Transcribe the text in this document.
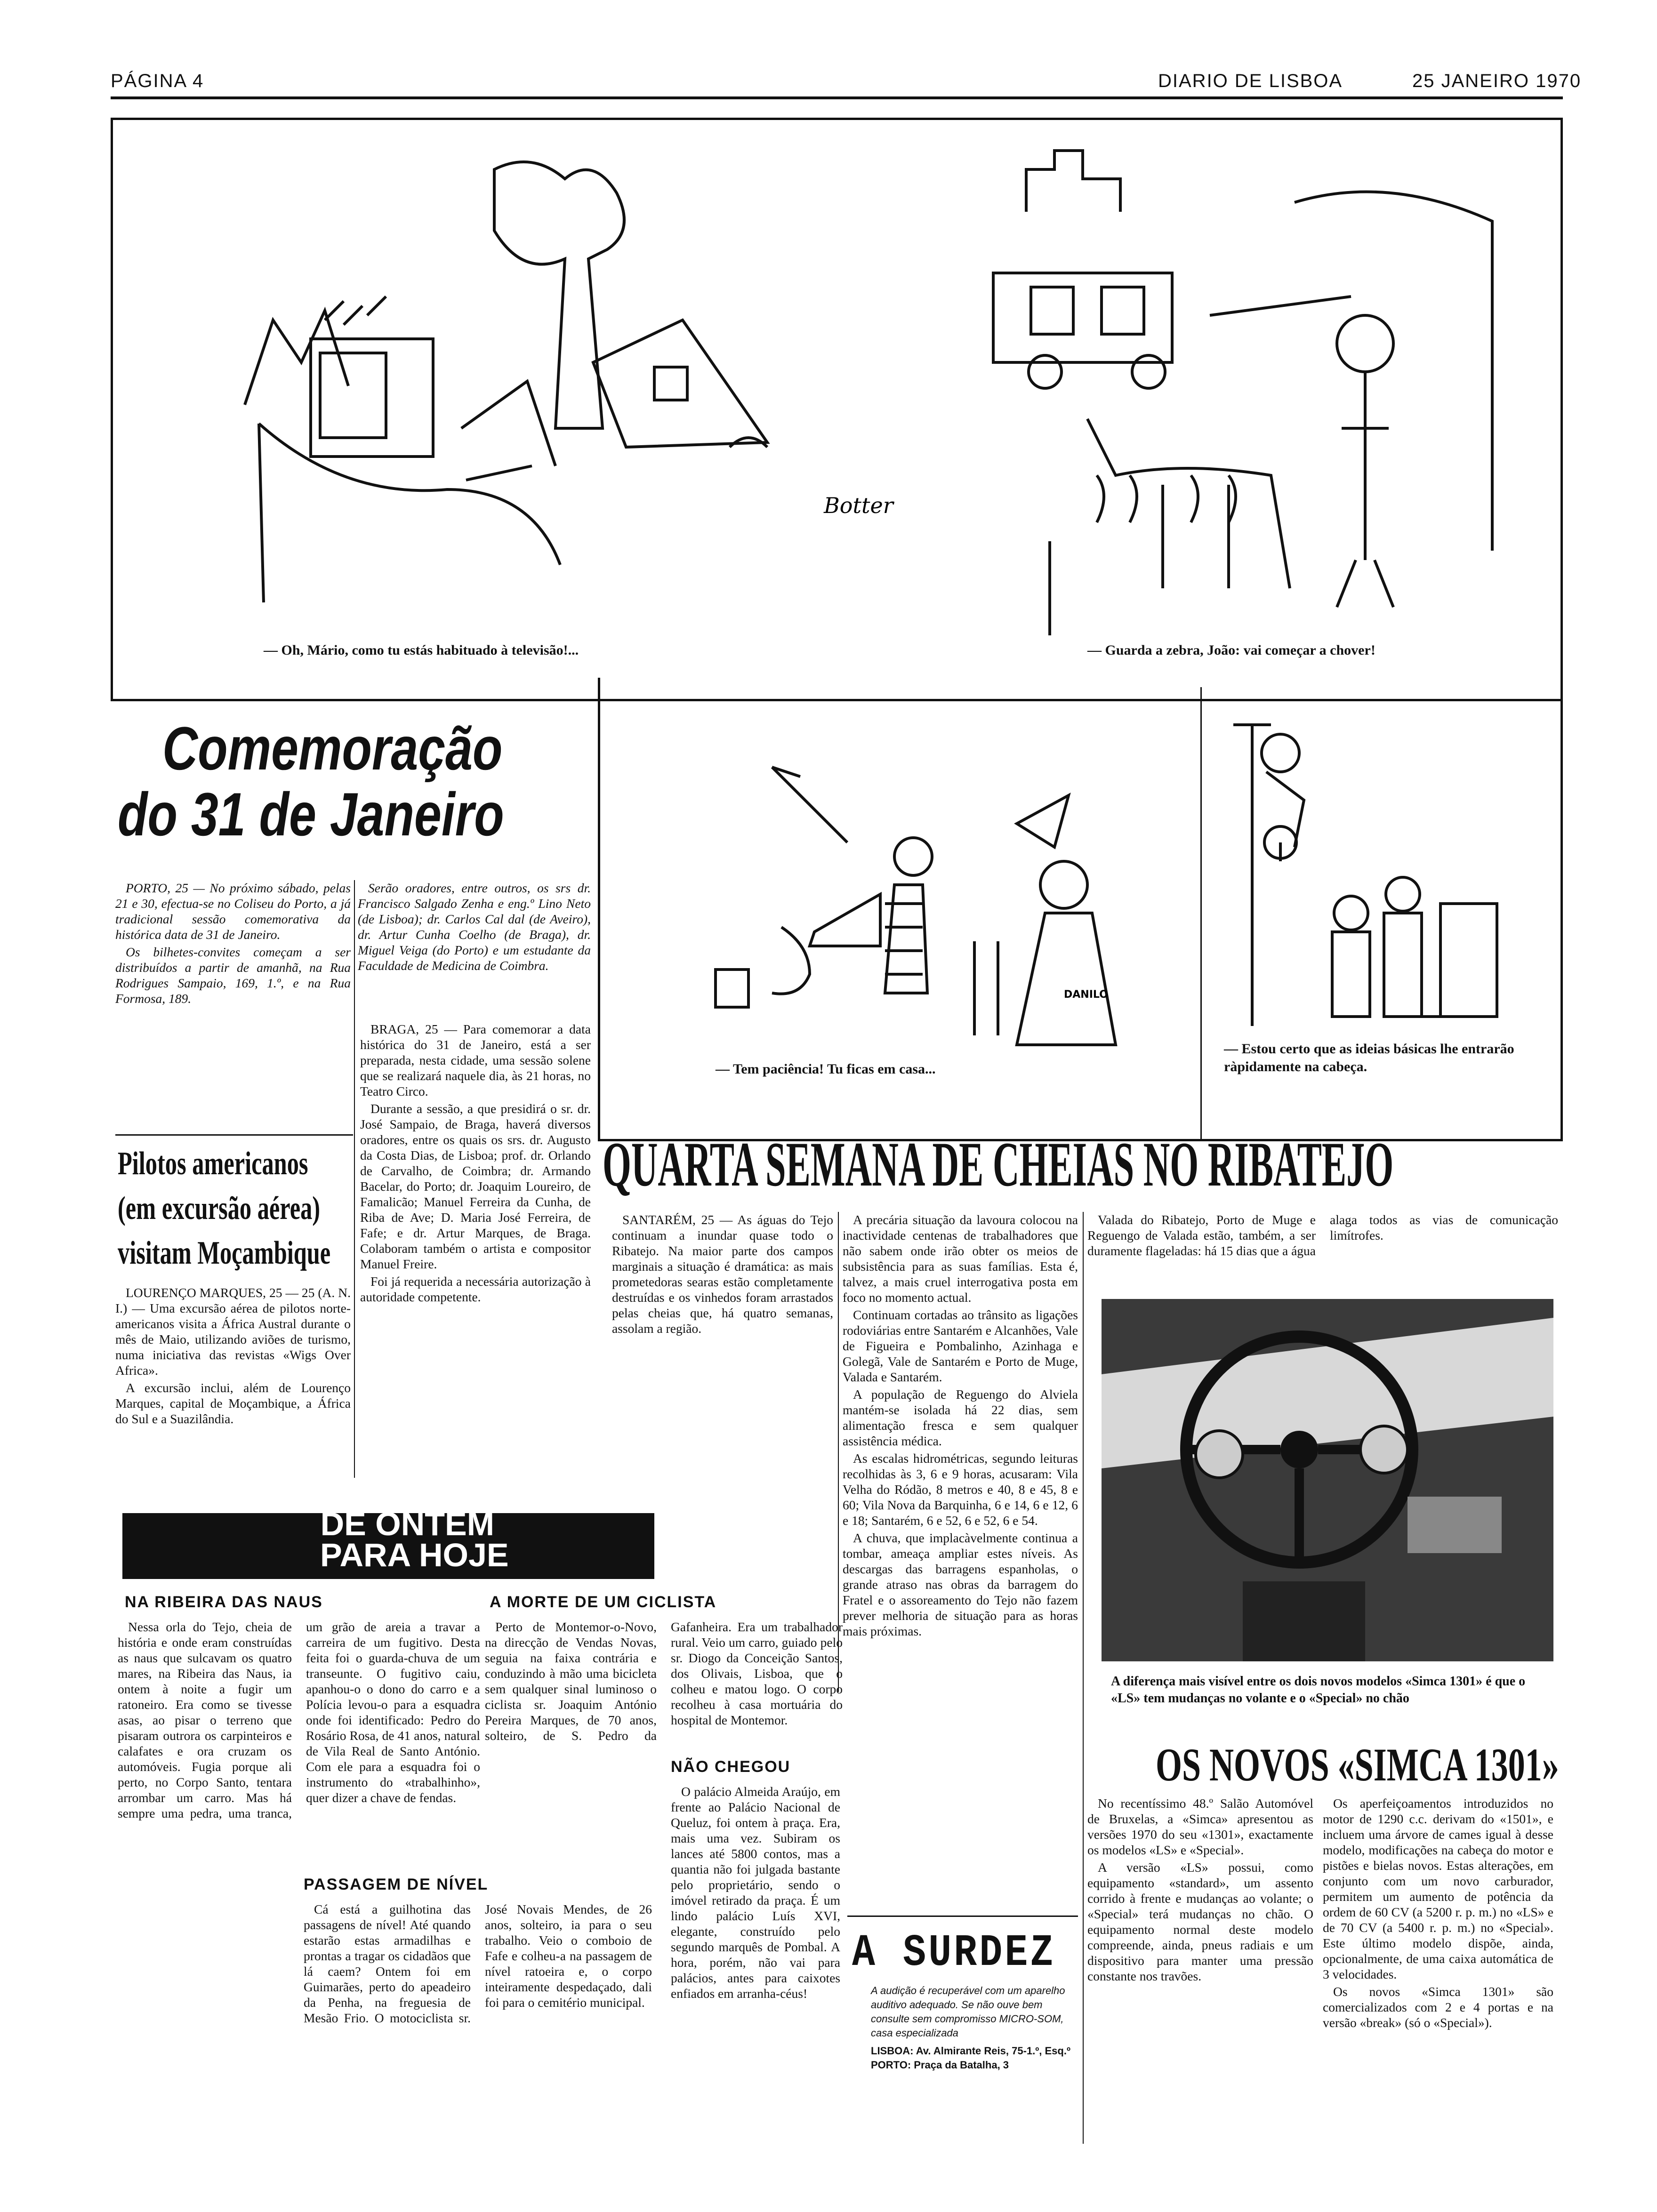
PÁGINA 4	DIARIO DE LISBOA	25 JANEIRO 1970
Botter
— Oh, Mário, como tu estás habituado à televisão!...	— Guarda a zebra, João: vai começar a chover!
DANILO
— Tem paciência! Tu ficas em casa...
— Estou certo que as ideias básicas lhe entrarão ràpidamente na cabeça.
Comemoração
do 31 de Janeiro

PORTO, 25 — No próximo sábado, pelas 21 e 30, efectua-se no Coliseu do Porto, a já tradicional sessão comemorativa da histórica data de 31 de Janeiro.

Os bilhetes-convites começam a ser distribuídos a partir de amanhã, na Rua Rodrigues Sampaio, 169, 1.º, e na Rua Formosa, 189.

Serão oradores, entre outros, os srs dr. Francisco Salgado Zenha e eng.º Lino Neto (de Lisboa); dr. Carlos Cal dal (de Aveiro), dr. Artur Cunha Coelho (de Braga), dr. Miguel Veiga (do Porto) e um estudante da Faculdade de Medicina de Coimbra.

BRAGA, 25 — Para comemorar a data histórica do 31 de Janeiro, está a ser preparada, nesta cidade, uma sessão solene que se realizará naquele dia, às 21 horas, no Teatro Circo.

Durante a sessão, a que presidirá o sr. dr. José Sampaio, de Braga, haverá diversos oradores, entre os quais os srs. dr. Augusto da Costa Dias, de Lisboa; prof. dr. Orlando de Carvalho, de Coimbra; dr. Armando Bacelar, do Porto; dr. Joaquim Loureiro, de Famalicão; Manuel Ferreira da Cunha, de Riba de Ave; D. Maria José Ferreira, de Fafe; e dr. Artur Marques, de Braga. Colaboram também o artista e compositor Manuel Freire.

Foi já requerida a necessária autorização à autoridade competente.

Pilotos americanos
(em excursão aérea)
visitam Moçambique

LOURENÇO MARQUES, 25 — 25 (A. N. I.) — Uma excursão aérea de pilotos norte-americanos visita a África Austral durante o mês de Maio, utilizando aviões de turismo, numa iniciativa das revistas «Wigs Over Africa».

A excursão inclui, além de Lourenço Marques, capital de Moçambique, a África do Sul e a Suazilândia.

QUARTA SEMANA DE CHEIAS NO RIBATEJO

SANTARÉM, 25 — As águas do Tejo continuam a inundar quase todo o Ribatejo. Na maior parte dos campos marginais a situação é dramática: as mais prometedoras searas estão completamente destruídas e os vinhedos foram arrastados pelas cheias que, há quatro semanas, assolam a região.

A precária situação da lavoura colocou na inactividade centenas de trabalhadores que não sabem onde irão obter os meios de subsistência para as suas famílias. Esta é, talvez, a mais cruel interrogativa posta em foco no momento actual.

Continuam cortadas ao trânsito as ligações rodoviárias entre Santarém e Alcanhões, Vale de Figueira e Pombalinho, Azinhaga e Golegã, Vale de Santarém e Porto de Muge, Valada e Santarém.

A população de Reguengo do Alviela mantém-se isolada há 22 dias, sem alimentação fresca e sem qualquer assistência médica.

As escalas hidrométricas, segundo leituras recolhidas às 3, 6 e 9 horas, acusaram: Vila Velha do Ródão, 8 metros e 40, 8 e 45, 8 e 60; Vila Nova da Barquinha, 6 e 14, 6 e 12, 6 e 18; Santarém, 6 e 52, 6 e 52, 6 e 54.

A chuva, que implacàvelmente continua a tombar, ameaça ampliar estes níveis. As descargas das barragens espanholas, o grande atraso nas obras da barragem do Fratel e o assoreamento do Tejo não fazem prever melhoria de situação para as horas mais próximas.

Valada do Ribatejo, Porto de Muge e Reguengo de Valada estão, também, a ser duramente flageladas: há 15 dias que a água alaga todos as vias de comunicação limítrofes.

A diferença mais visível entre os dois novos modelos «Simca 1301» é que o «LS» tem mudanças no volante e o «Special» no chão
OS NOVOS «SIMCA 1301»

No recentíssimo 48.º Salão Automóvel de Bruxelas, a «Simca» apresentou as versões 1970 do seu «1301», exactamente os modelos «LS» e «Special».

A versão «LS» possui, como equipamento «standard», um assento corrido à frente e mudanças ao volante; o «Special» terá mudanças no chão. O equipamento normal deste modelo compreende, ainda, pneus radiais e um dispositivo para manter uma pressão constante nos travões.

Os aperfeiçoamentos introduzidos no motor de 1290 c.c. derivam do «1501», e incluem uma árvore de cames igual à desse modelo, modificações na cabeça do motor e pistões e bielas novos. Estas alterações, em conjunto com um novo carburador, permitem um aumento de potência da ordem de 60 CV (a 5200 r. p. m.) no «LS» e de 70 CV (a 5400 r. p. m.) no «Special». Este último modelo dispõe, ainda, opcionalmente, de uma caixa automática de 3 velocidades.

Os novos «Simca 1301» são comercializados com 2 e 4 portas e na versão «break» (só o «Special»).

DE ONTEM
PARA HOJE
NA RIBEIRA DAS NAUS

Nessa orla do Tejo, cheia de história e onde eram construídas as naus que sulcavam os quatro mares, na Ribeira das Naus, ia ontem à noite a fugir um ratoneiro. Era como se tivesse asas, ao pisar o terreno que pisaram outrora os carpinteiros e calafates e ora cruzam os automóveis. Fugia porque ali perto, no Corpo Santo, tentara arrombar um carro. Mas há sempre uma pedra, uma tranca, um grão de areia a travar a carreira de um fugitivo. Desta feita foi o guarda-chuva de um transeunte. O fugitivo caiu, apanhou-o o dono do carro e a Polícia levou-o para a esquadra onde foi identificado: Pedro do Rosário Rosa, de 41 anos, natural de Vila Real de Santo António. Com ele para a esquadra foi o instrumento do «trabalhinho», quer dizer a chave de fendas.

PASSAGEM DE NÍVEL

Cá está a guilhotina das passagens de nível! Até quando estarão estas armadilhas e prontas a tragar os cidadãos que lá caem? Ontem foi em Guimarães, perto do apeadeiro da Penha, na freguesia de Mesão Frio. O motociclista sr. José Novais Mendes, de 26 anos, solteiro, ia para o seu trabalho. Veio o comboio de Fafe e colheu-a na passagem de nível ratoeira e, o corpo inteiramente despedaçado, dali foi para o cemitério municipal.

A MORTE DE UM CICLISTA

Perto de Montemor-o-Novo, na direcção de Vendas Novas, seguia na faixa contrária e conduzindo à mão uma bicicleta sem qualquer sinal luminoso o ciclista sr. Joaquim António Pereira Marques, de 70 anos, solteiro, de S. Pedro da Gafanheira. Era um trabalhador rural. Veio um carro, guiado pelo sr. Diogo da Conceição Santos, dos Olivais, Lisboa, que o colheu e matou logo. O corpo recolheu à casa mortuária do hospital de Montemor.

NÃO CHEGOU

O palácio Almeida Araújo, em frente ao Palácio Nacional de Queluz, foi ontem à praça. Era, mais uma vez. Subiram os lances até 5800 contos, mas a quantia não foi julgada bastante pelo proprietário, sendo o imóvel retirado da praça. É um lindo palácio Luís XVI, elegante, construído pelo segundo marquês de Pombal. A hora, porém, não vai para palácios, antes para caixotes enfiados em arranha-céus!

A SURDEZ
A audição é recuperável com um aparelho auditivo adequado. Se não ouve bem consulte sem compromisso MICRO-SOM, casa especializada
LISBOA: Av. Almirante Reis, 75-1.º, Esq.º
PORTO: Praça da Batalha, 3
